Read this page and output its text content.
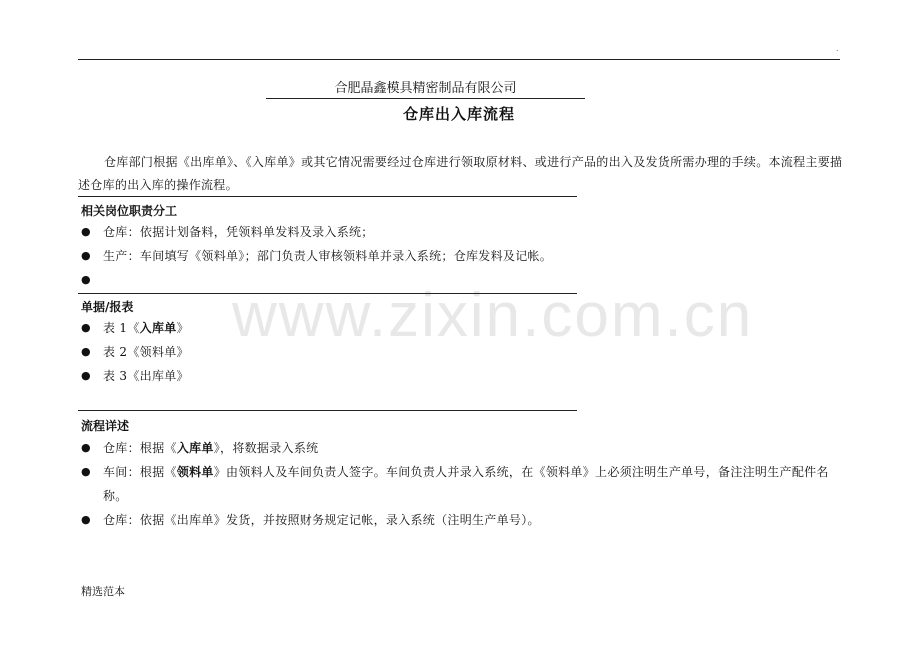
.
合肥晶鑫模具精密制品有限公司
仓库出入库流程
仓库部门根据《出库单》、《入库单》或其它情况需要经过仓库进行领取原材料、或进行产品的出入及发货所需办理的手续。本流程主要描述仓库的出入库的操作流程。
www.zixin.com.cn
相关岗位职责分工
● 仓库：依据计划备料，凭领料单发料及录入系统；
● 生产：车间填写《领料单》；部门负责人审核领料单并录入系统；仓库发料及记帐。
●
单据/报表
● 表 1《入库单》
● 表 2《领料单》
● 表 3《出库单》
流程详述
● 仓库：根据《入库单》，将数据录入系统
● 车间：根据《领料单》由领料人及车间负责人签字。车间负责人并录入系统，在《领料单》上必须注明生产单号，备注注明生产配件名称。
● 仓库：依据《出库单》发货，并按照财务规定记帐，录入系统（注明生产单号）。
精选范本
